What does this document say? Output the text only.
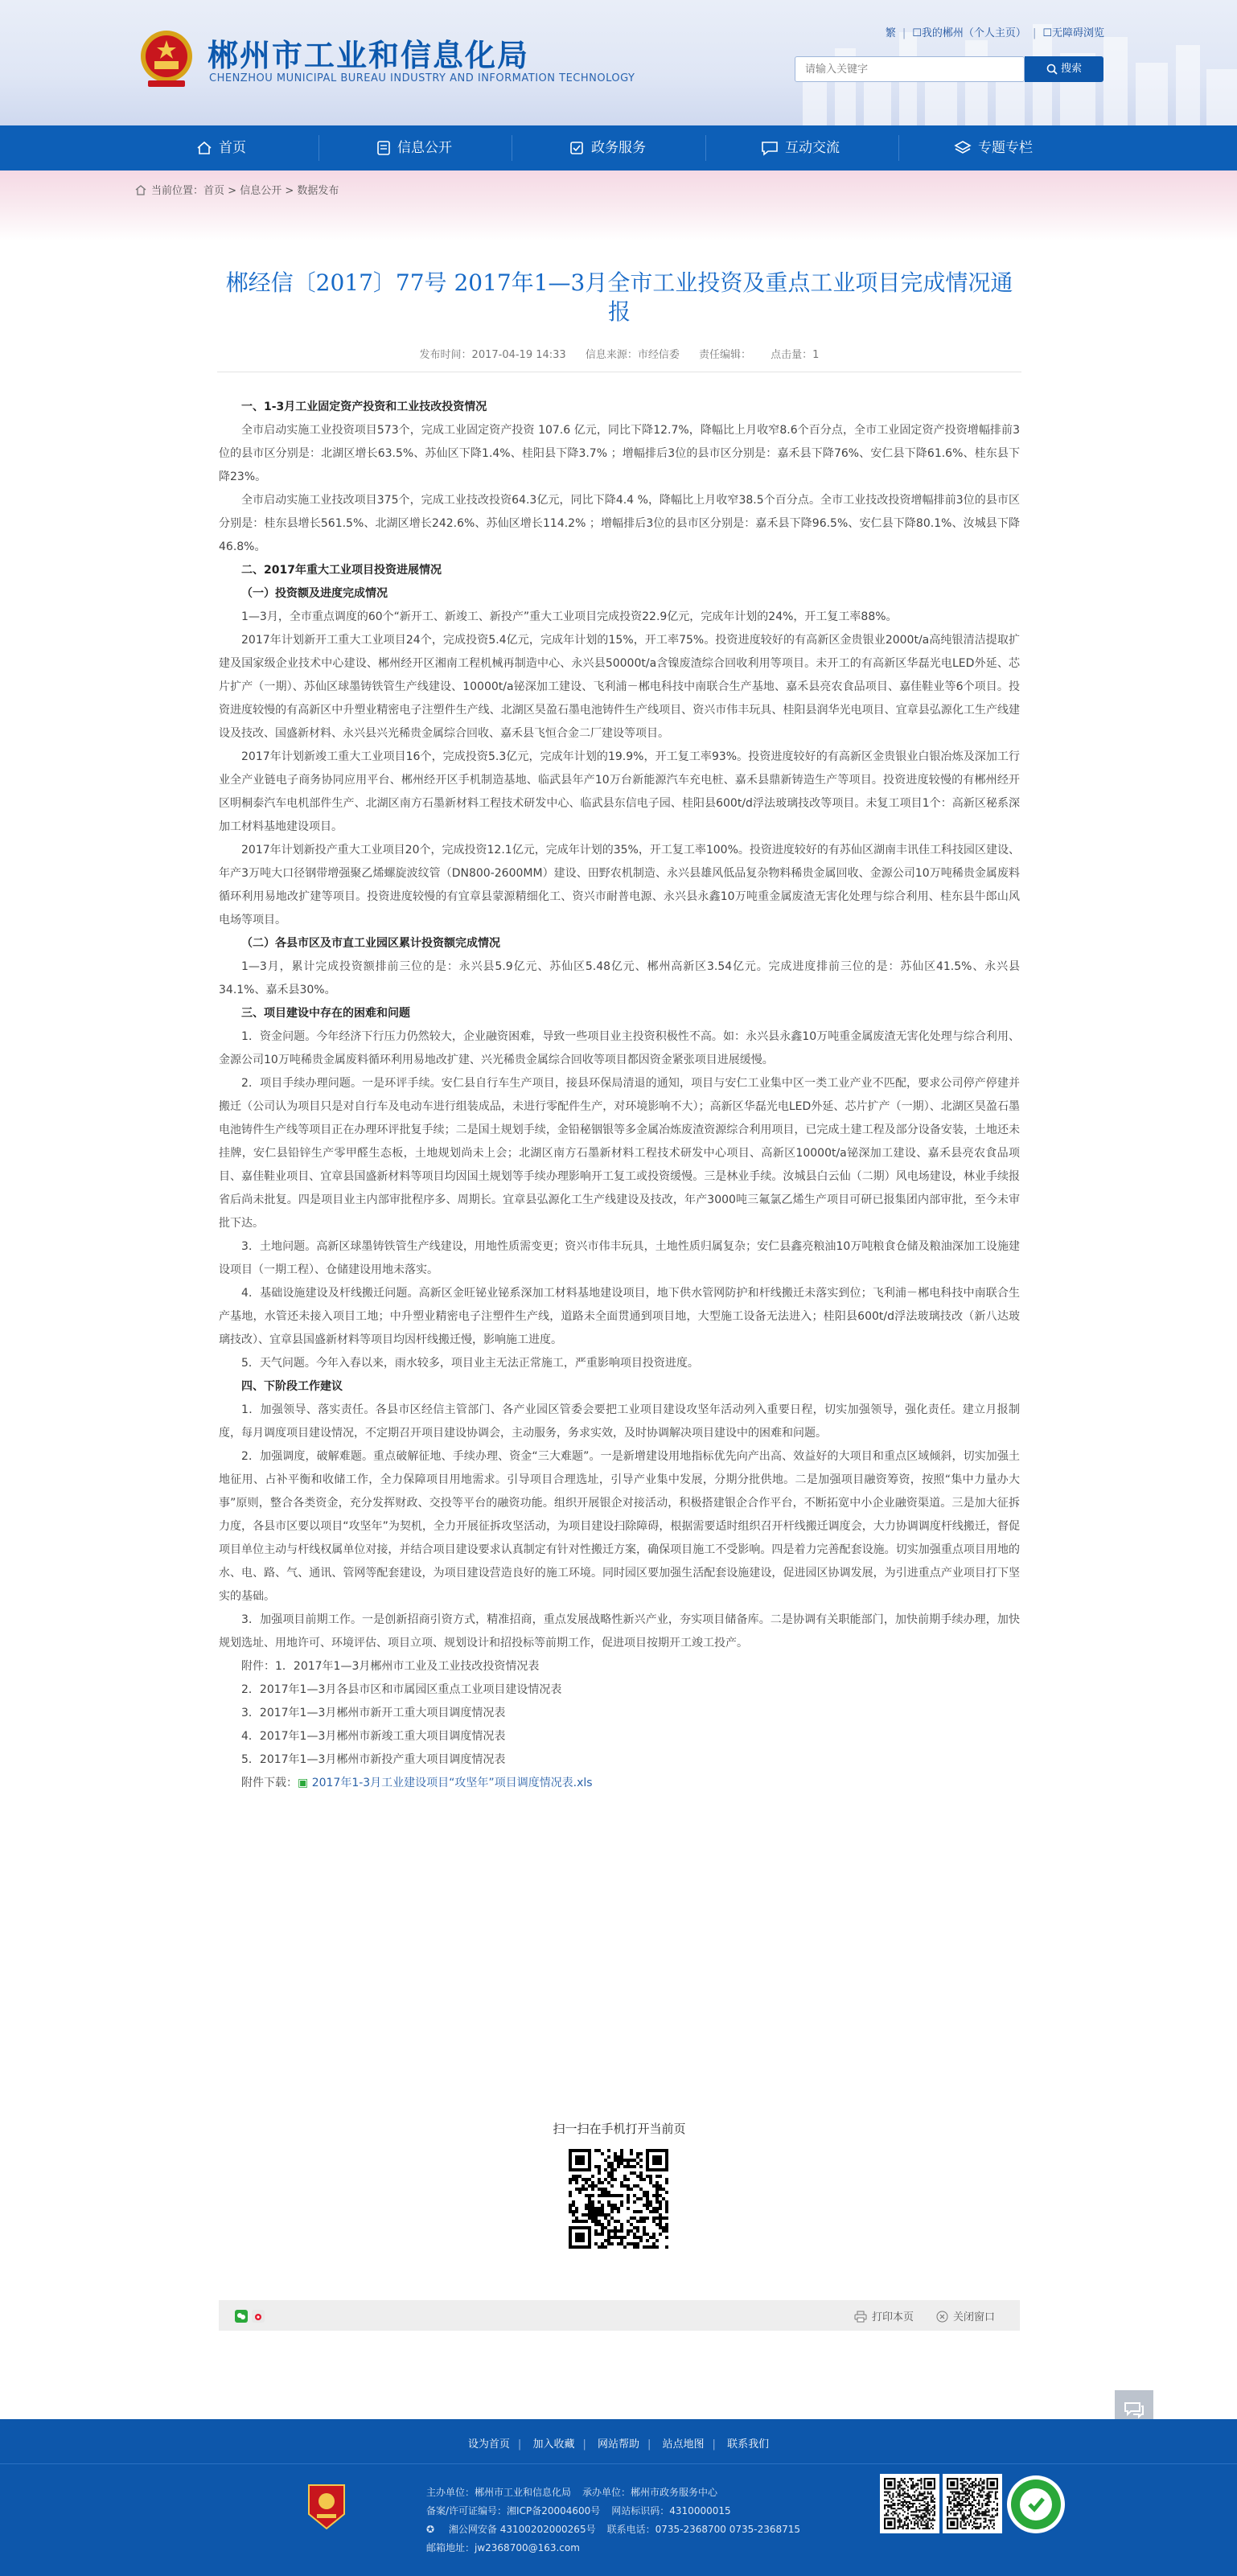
郴州市工业和信息化局
CHENZHOU MUNICIPAL BUREAU INDUSTRY AND INFORMATION TECHNOLOGY
繁 | ☐我的郴州（个人主页） | ☐无障碍浏览
请输入关键字
搜索
首页	信息公开	政务服务	互动交流	专题专栏
当前位置：首页 > 信息公开 > 数据发布
郴经信〔2017〕77号 2017年1—3月全市工业投资及重点工业项目完成情况通报
发布时间：2017-04-19 14:33 信息来源：市经信委 责任编辑： 点击量：1

一、1-3月工业固定资产投资和工业技改投资情况

全市启动实施工业投资项目573个，完成工业固定资产投资 107.6 亿元，同比下降12.7%，降幅比上月收窄8.6个百分点，全市工业固定资产投资增幅排前3位的县市区分别是：北湖区增长63.5%、苏仙区下降1.4%、桂阳县下降3.7% ；增幅排后3位的县市区分别是：嘉禾县下降76%、安仁县下降61.6%、桂东县下降23%。

全市启动实施工业技改项目375个，完成工业技改投资64.3亿元，同比下降4.4 %，降幅比上月收窄38.5个百分点。全市工业技改投资增幅排前3位的县市区分别是：桂东县增长561.5%、北湖区增长242.6%、苏仙区增长114.2% ；增幅排后3位的县市区分别是：嘉禾县下降96.5%、安仁县下降80.1%、汝城县下降46.8%。

二、2017年重大工业项目投资进展情况

（一）投资额及进度完成情况

1—3月，全市重点调度的60个“新开工、新竣工、新投产”重大工业项目完成投资22.9亿元，完成年计划的24%，开工复工率88%。

2017年计划新开工重大工业项目24个，完成投资5.4亿元，完成年计划的15%，开工率75%。投资进度较好的有高新区金贵银业2000t/a高纯银清洁提取扩建及国家级企业技术中心建设、郴州经开区湘南工程机械再制造中心、永兴县50000t/a含镍废渣综合回收利用等项目。未开工的有高新区华磊光电LED外延、芯片扩产（一期）、苏仙区球墨铸铁管生产线建设、10000t/a铋深加工建设、飞利浦－郴电科技中南联合生产基地、嘉禾县亮农食品项目、嘉佳鞋业等6个项目。投资进度较慢的有高新区中升塑业精密电子注塑件生产线、北湖区昊盈石墨电池铸件生产线项目、资兴市伟丰玩具、桂阳县润华光电项目、宜章县弘源化工生产线建设及技改、国盛新材料、永兴县兴光稀贵金属综合回收、嘉禾县飞恒合金二厂建设等项目。

2017年计划新竣工重大工业项目16个，完成投资5.3亿元，完成年计划的19.9%，开工复工率93%。投资进度较好的有高新区金贵银业白银冶炼及深加工行业全产业链电子商务协同应用平台、郴州经开区手机制造基地、临武县年产10万台新能源汽车充电桩、嘉禾县鼎新铸造生产等项目。投资进度较慢的有郴州经开区明桐泰汽车电机部件生产、北湖区南方石墨新材料工程技术研发中心、临武县东信电子园、桂阳县600t/d浮法玻璃技改等项目。未复工项目1个：高新区秘系深加工材料基地建设项目。

2017年计划新投产重大工业项目20个，完成投资12.1亿元，完成年计划的35%，开工复工率100%。投资进度较好的有苏仙区湖南丰讯佳工科技园区建设、年产3万吨大口径钢带增强聚乙烯螺旋波纹管（DN800-2600MM）建设、田野农机制造、永兴县雄风低品复杂物料稀贵金属回收、金源公司10万吨稀贵金属废料循环利用易地改扩建等项目。投资进度较慢的有宜章县蒙源精细化工、资兴市耐普电源、永兴县永鑫10万吨重金属废渣无害化处理与综合利用、桂东县牛郎山风电场等项目。

（二）各县市区及市直工业园区累计投资额完成情况

1—3月，累计完成投资额排前三位的是：永兴县5.9亿元、苏仙区5.48亿元、郴州高新区3.54亿元。完成进度排前三位的是：苏仙区41.5%、永兴县34.1%、嘉禾县30%。

三、项目建设中存在的困难和问题

1．资金问题。今年经济下行压力仍然较大，企业融资困难，导致一些项目业主投资积极性不高。如：永兴县永鑫10万吨重金属废渣无害化处理与综合利用、金源公司10万吨稀贵金属废料循环利用易地改扩建、兴光稀贵金属综合回收等项目都因资金紧张项目进展缓慢。

2．项目手续办理问题。一是环评手续。安仁县自行车生产项目，接县环保局清退的通知，项目与安仁工业集中区一类工业产业不匹配，要求公司停产停建并搬迁（公司认为项目只是对自行车及电动车进行组装成品，未进行零配件生产，对环境影响不大）；高新区华磊光电LED外延、芯片扩产（一期）、北湖区昊盈石墨电池铸件生产线等项目正在办理环评批复手续；二是国土规划手续，金铅秘铟银等多金属冶炼废渣资源综合利用项目，已完成土建工程及部分设备安装，土地还未挂牌，安仁县铅锌生产零甲醛生态板，土地规划尚未上会；北湖区南方石墨新材料工程技术研发中心项目、高新区10000t/a铋深加工建设、嘉禾县亮农食品项目、嘉佳鞋业项目、宜章县国盛新材料等项目均因国土规划等手续办理影响开工复工或投资缓慢。三是林业手续。汝城县白云仙（二期）风电场建设，林业手续报省后尚未批复。四是项目业主内部审批程序多、周期长。宜章县弘源化工生产线建设及技改，年产3000吨三氟氯乙烯生产项目可研已报集团内部审批，至今未审批下达。

3．土地问题。高新区球墨铸铁管生产线建设，用地性质需变更；资兴市伟丰玩具，土地性质归属复杂；安仁县鑫亮粮油10万吨粮食仓储及粮油深加工设施建设项目（一期工程）、仓储建设用地未落实。

4．基础设施建设及杆线搬迁问题。高新区金旺铋业铋系深加工材料基地建设项目，地下供水管网防护和杆线搬迁未落实到位；飞利浦－郴电科技中南联合生产基地，水管还未接入项目工地；中升塑业精密电子注塑件生产线，道路未全面贯通到项目地，大型施工设备无法进入；桂阳县600t/d浮法玻璃技改（新八达玻璃技改）、宜章县国盛新材料等项目均因杆线搬迁慢，影响施工进度。

5．天气问题。今年入春以来，雨水较多，项目业主无法正常施工，严重影响项目投资进度。

四、下阶段工作建议

1．加强领导、落实责任。各县市区经信主管部门、各产业园区管委会要把工业项目建设攻坚年活动列入重要日程，切实加强领导，强化责任。建立月报制度，每月调度项目建设情况，不定期召开项目建设协调会，主动服务，务求实效，及时协调解决项目建设中的困难和问题。

2．加强调度，破解难题。重点破解征地、手续办理、资金“三大难题”。一是新增建设用地指标优先向产出高、效益好的大项目和重点区域倾斜，切实加强土地征用、占补平衡和收储工作，全力保障项目用地需求。引导项目合理选址，引导产业集中发展，分期分批供地。二是加强项目融资筹资，按照“集中力量办大事”原则，整合各类资金，充分发挥财政、交投等平台的融资功能。组织开展银企对接活动，积极搭建银企合作平台，不断拓宽中小企业融资渠道。三是加大征拆力度，各县市区要以项目“攻坚年”为契机，全力开展征拆攻坚活动，为项目建设扫除障碍，根据需要适时组织召开杆线搬迁调度会，大力协调调度杆线搬迁，督促项目单位主动与杆线权属单位对接，并结合项目建设要求认真制定有针对性搬迁方案，确保项目施工不受影响。四是着力完善配套设施。切实加强重点项目用地的水、电、路、气、通讯、管网等配套建设，为项目建设营造良好的施工环境。同时园区要加强生活配套设施建设，促进园区协调发展，为引进重点产业项目打下坚实的基础。

3．加强项目前期工作。一是创新招商引资方式，精准招商，重点发展战略性新兴产业，夯实项目储备库。二是协调有关职能部门，加快前期手续办理，加快规划选址、用地许可、环境评估、项目立项、规划设计和招投标等前期工作，促进项目按期开工竣工投产。

附件：1．2017年1—3月郴州市工业及工业技改投资情况表

2．2017年1—3月各县市区和市属园区重点工业项目建设情况表

3．2017年1—3月郴州市新开工重大项目调度情况表

4．2017年1—3月郴州市新竣工重大项目调度情况表

5．2017年1—3月郴州市新投产重大项目调度情况表

附件下载：▣ 2017年1-3月工业建设项目“攻坚年”项目调度情况表.xls

扫一扫在手机打开当前页

打印本页	关闭窗口
设为首页 | 加入收藏 | 网站帮助 | 站点地图 | 联系我们
主办单位：郴州市工业和信息化局 承办单位：郴州市政务服务中心
备案/许可证编号：湘ICP备20004600号 网站标识码：4310000015
✪ 湘公网安备 43100202000265号 联系电话：0735-2368700 0735-2368715
邮箱地址：jw2368700@163.com
